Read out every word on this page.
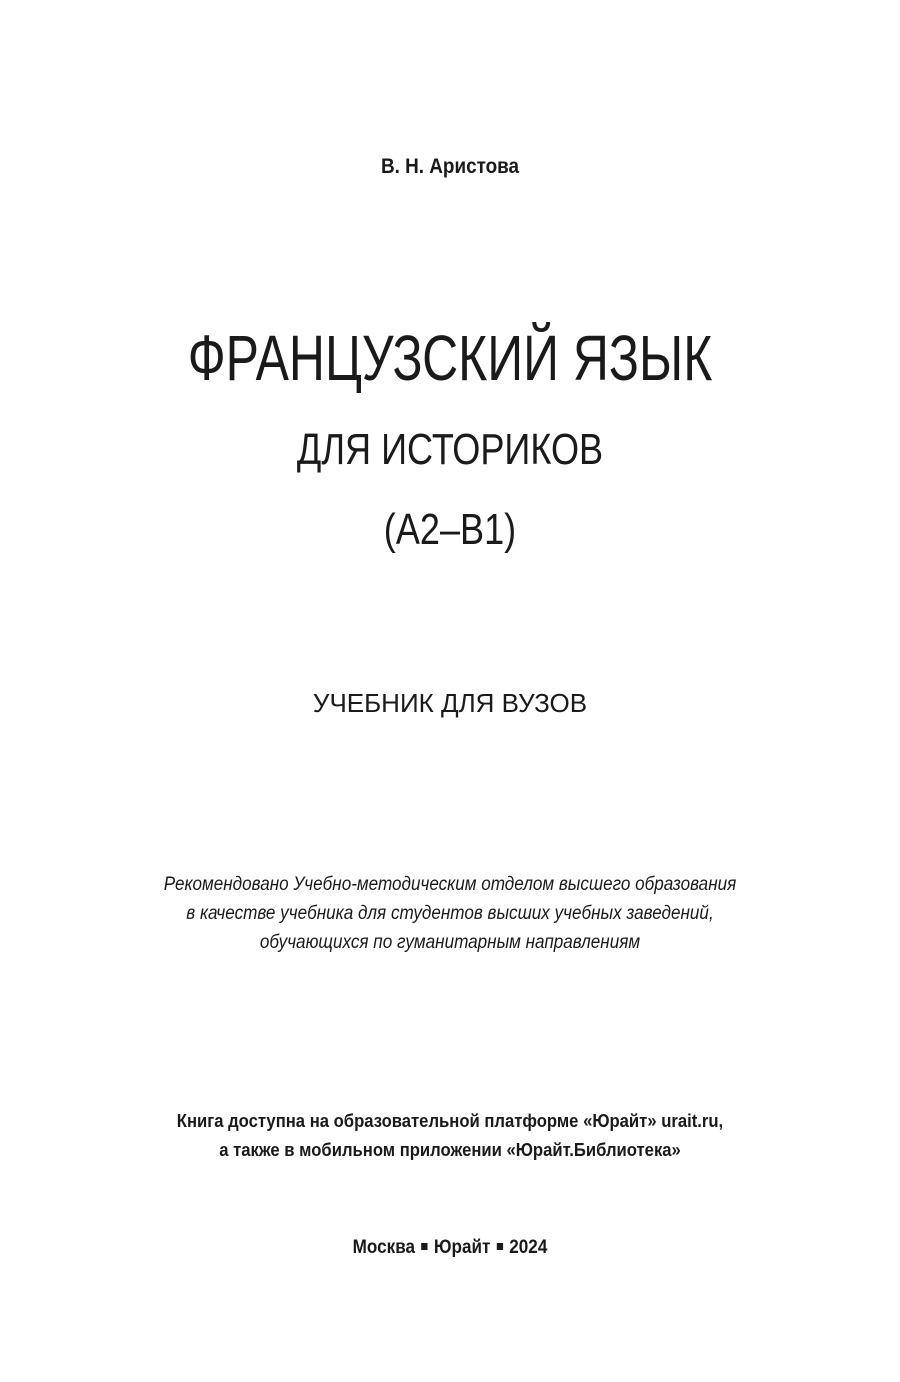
В. Н. Аристова
ФРАНЦУЗСКИЙ ЯЗЫК
ДЛЯ ИСТОРИКОВ
(A2–B1)
УЧЕБНИК ДЛЯ ВУЗОВ
Рекомендовано Учебно-методическим отделом высшего образования
в качестве учебника для студентов высших учебных заведений,
обучающихся по гуманитарным направлениям
Книга доступна на образовательной платформе «Юрайт» urait.ru,
а также в мобильном приложении «Юрайт.Библиотека»
Москва Юрайт 2024
